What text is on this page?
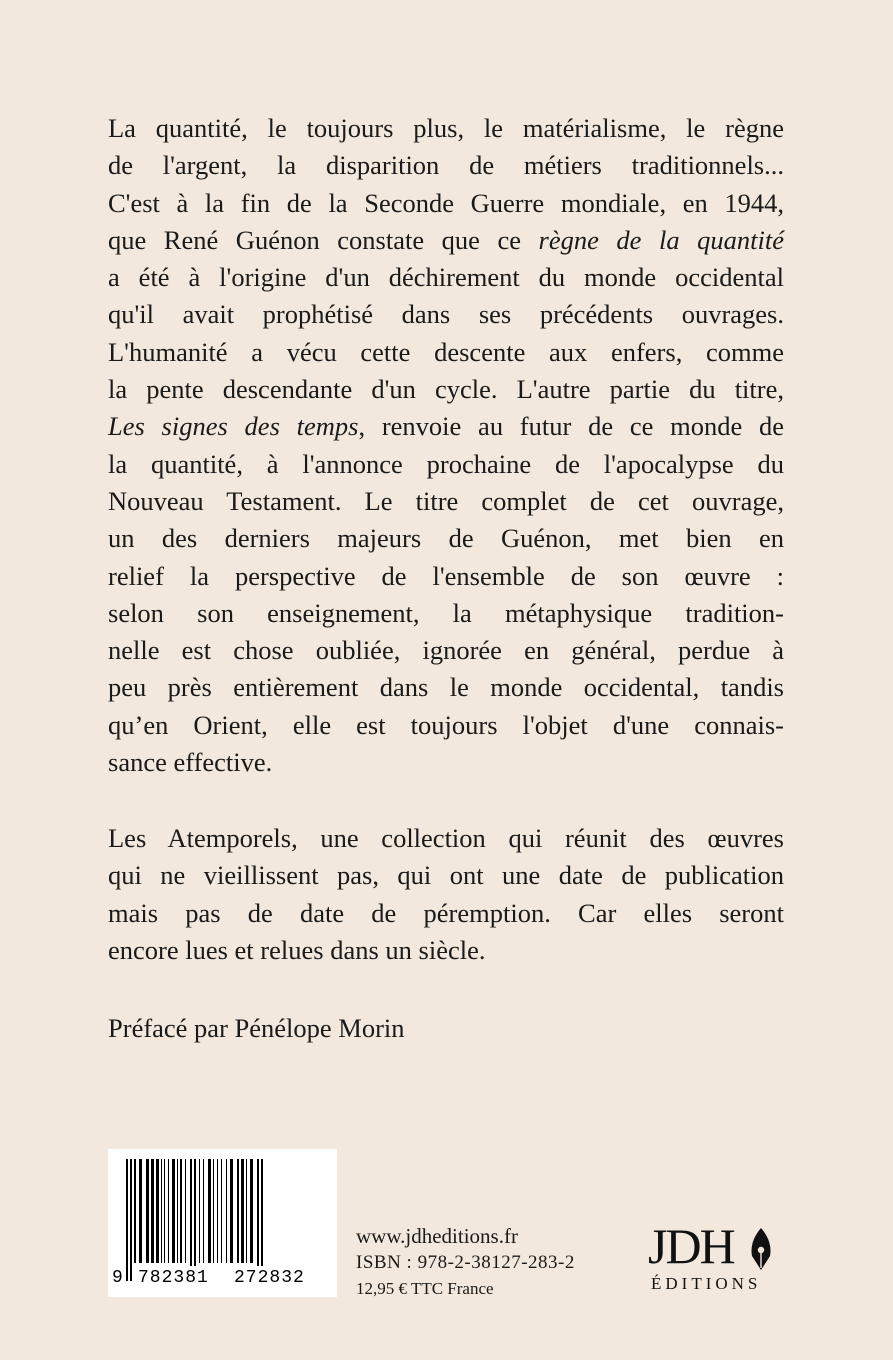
La quantité, le toujours plus, le matérialisme, le règne
de l'argent, la disparition de métiers traditionnels...
C'est à la fin de la Seconde Guerre mondiale, en 1944,
que René Guénon constate que ce règne de la quantité
a été à l'origine d'un déchirement du monde occidental
qu'il avait prophétisé dans ses précédents ouvrages.
L'humanité a vécu cette descente aux enfers, comme
la pente descendante d'un cycle. L'autre partie du titre,
Les signes des temps, renvoie au futur de ce monde de
la quantité, à l'annonce prochaine de l'apocalypse du
Nouveau Testament. Le titre complet de cet ouvrage,
un des derniers majeurs de Guénon, met bien en
relief la perspective de l'ensemble de son œuvre :
selon son enseignement, la métaphysique tradition-
nelle est chose oubliée, ignorée en général, perdue à
peu près entièrement dans le monde occidental, tandis
qu’en Orient, elle est toujours l'objet d'une connais-
sance effective.
Les Atemporels, une collection qui réunit des œuvres
qui ne vieillissent pas, qui ont une date de publication
mais pas de date de péremption. Car elles seront
encore lues et relues dans un siècle.
Préfacé par Pénélope Morin
9 782381	272832
www.jdheditions.fr
ISBN : 978-2-38127-283-2
12,95 € TTC France
JDH
ÉDITIONS
